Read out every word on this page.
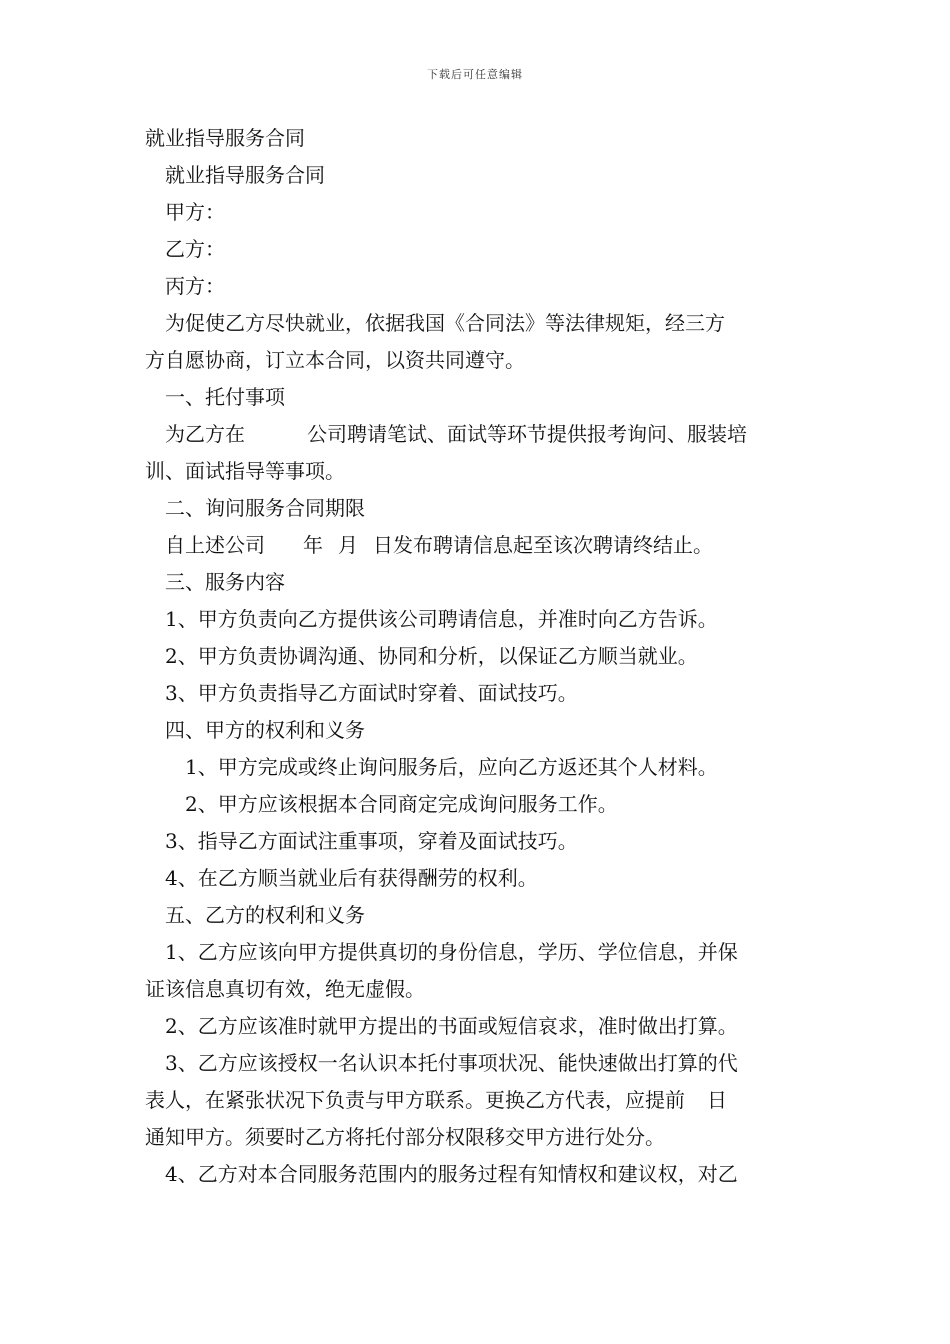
下载后可任意编辑
就业指导服务合同
就业指导服务合同
甲方：
乙方：
丙方：
为促使乙方尽快就业，依据我国《合同法》等法律规矩，经三方
方自愿协商，订立本合同，以资共同遵守。
一、托付事项
为乙方在	公司聘请笔试、面试等环节提供报考询问、服装培
训、面试指导等事项。
二、询问服务合同期限
自上述公司 年 月 日发布聘请信息起至该次聘请终结止。
三、服务内容
1、甲方负责向乙方提供该公司聘请信息，并准时向乙方告诉。
2、甲方负责协调沟通、协同和分析，以保证乙方顺当就业。
3、甲方负责指导乙方面试时穿着、面试技巧。
四、甲方的权利和义务
1、甲方完成或终止询问服务后，应向乙方返还其个人材料。
2、甲方应该根据本合同商定完成询问服务工作。
3、指导乙方面试注重事项，穿着及面试技巧。
4、在乙方顺当就业后有获得酬劳的权利。
五、乙方的权利和义务
1、乙方应该向甲方提供真切的身份信息，学历、学位信息，并保
证该信息真切有效，绝无虚假。
2、乙方应该准时就甲方提出的书面或短信哀求，准时做出打算。
3、乙方应该授权一名认识本托付事项状况、能快速做出打算的代
表人，在紧张状况下负责与甲方联系。更换乙方代表，应提前 日
通知甲方。须要时乙方将托付部分权限移交甲方进行处分。
4、乙方对本合同服务范围内的服务过程有知情权和建议权，对乙
